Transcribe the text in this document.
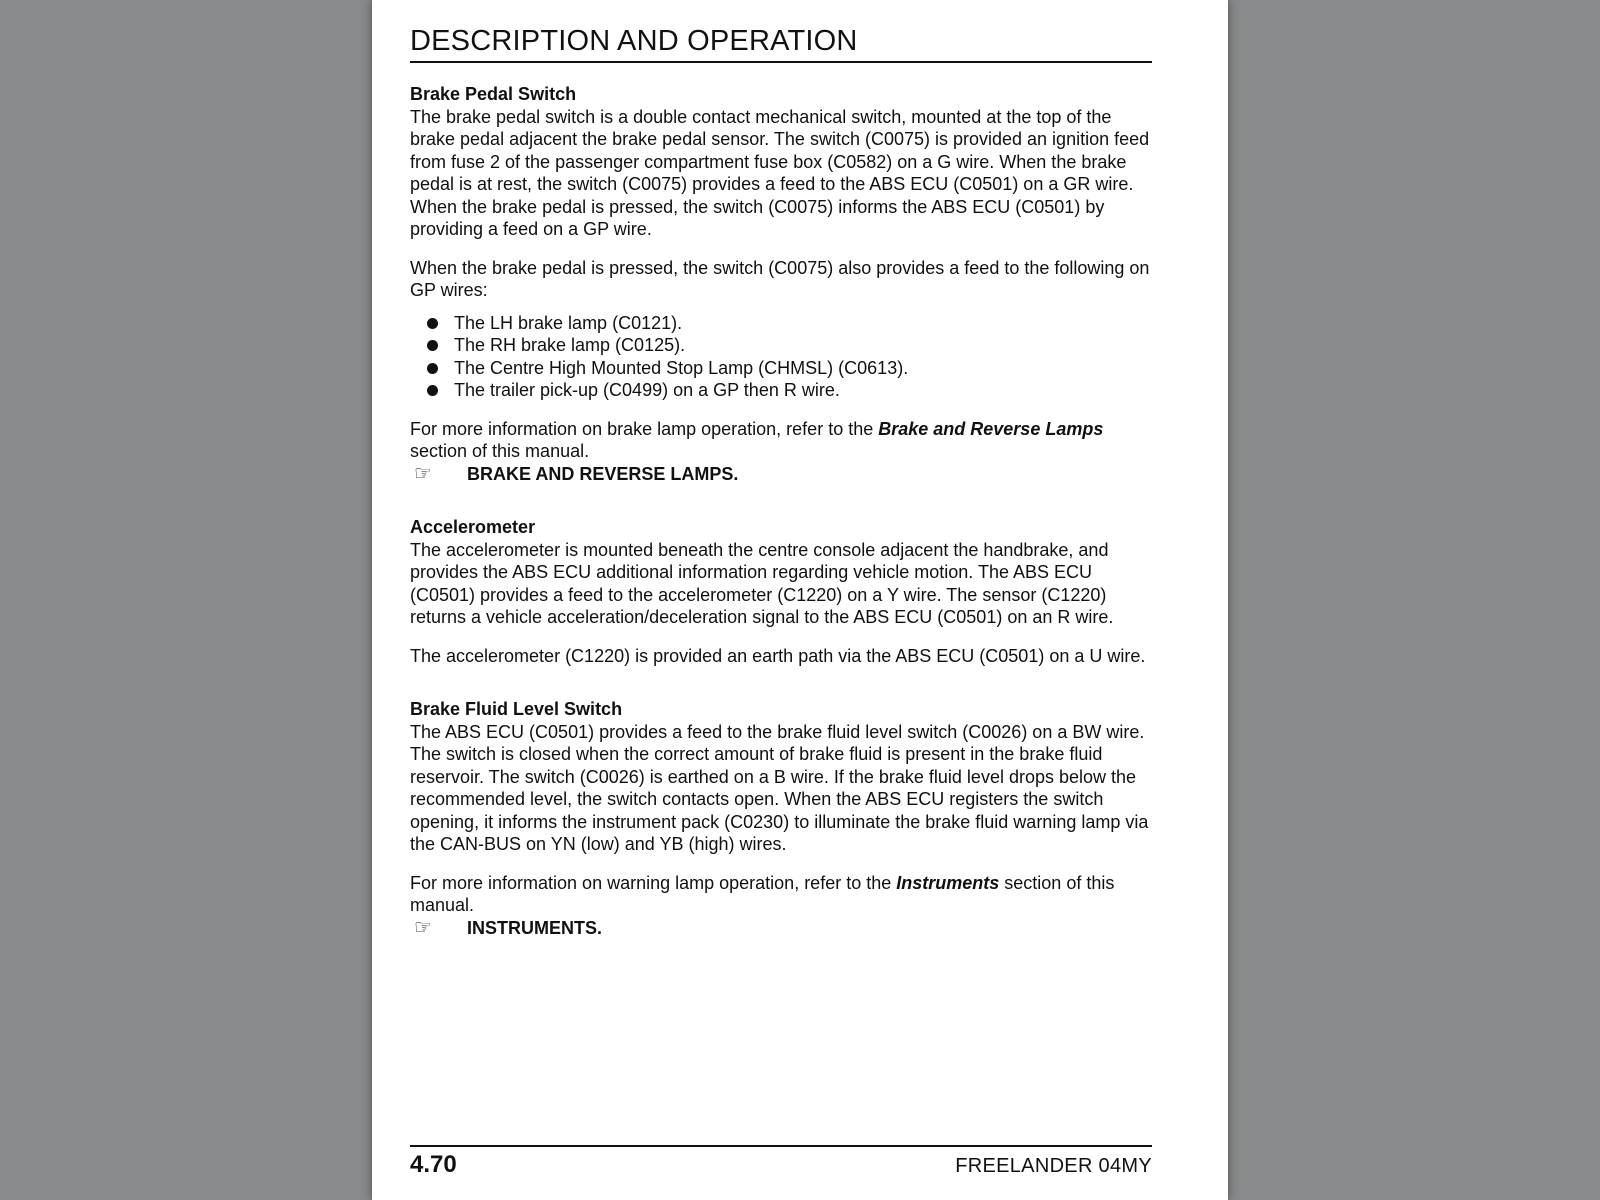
DESCRIPTION AND OPERATION
Brake Pedal Switch

The brake pedal switch is a double contact mechanical switch, mounted at the top of the brake pedal adjacent the brake pedal sensor. The switch (C0075) is provided an ignition feed from fuse 2 of the passenger compartment fuse box (C0582) on a G wire. When the brake pedal is at rest, the switch (C0075) provides a feed to the ABS ECU (C0501) on a GR wire. When the brake pedal is pressed, the switch (C0075) informs the ABS ECU (C0501) by providing a feed on a GP wire.

When the brake pedal is pressed, the switch (C0075) also provides a feed to the following on GP wires:

The LH brake lamp (C0121).
The RH brake lamp (C0125).
The Centre High Mounted Stop Lamp (CHMSL) (C0613).
The trailer pick-up (C0499) on a GP then R wire.

For more information on brake lamp operation, refer to the Brake and Reverse Lamps section of this manual.

☞	BRAKE AND REVERSE LAMPS.
Accelerometer

The accelerometer is mounted beneath the centre console adjacent the handbrake, and provides the ABS ECU additional information regarding vehicle motion. The ABS ECU (C0501) provides a feed to the accelerometer (C1220) on a Y wire. The sensor (C1220) returns a vehicle acceleration/deceleration signal to the ABS ECU (C0501) on an R wire.

The accelerometer (C1220) is provided an earth path via the ABS ECU (C0501) on a U wire.

Brake Fluid Level Switch

The ABS ECU (C0501) provides a feed to the brake fluid level switch (C0026) on a BW wire. The switch is closed when the correct amount of brake fluid is present in the brake fluid reservoir. The switch (C0026) is earthed on a B wire. If the brake fluid level drops below the recommended level, the switch contacts open. When the ABS ECU registers the switch opening, it informs the instrument pack (C0230) to illuminate the brake fluid warning lamp via the CAN-BUS on YN (low) and YB (high) wires.

For more information on warning lamp operation, refer to the Instruments section of this manual.

☞	INSTRUMENTS.
4.70	FREELANDER 04MY
